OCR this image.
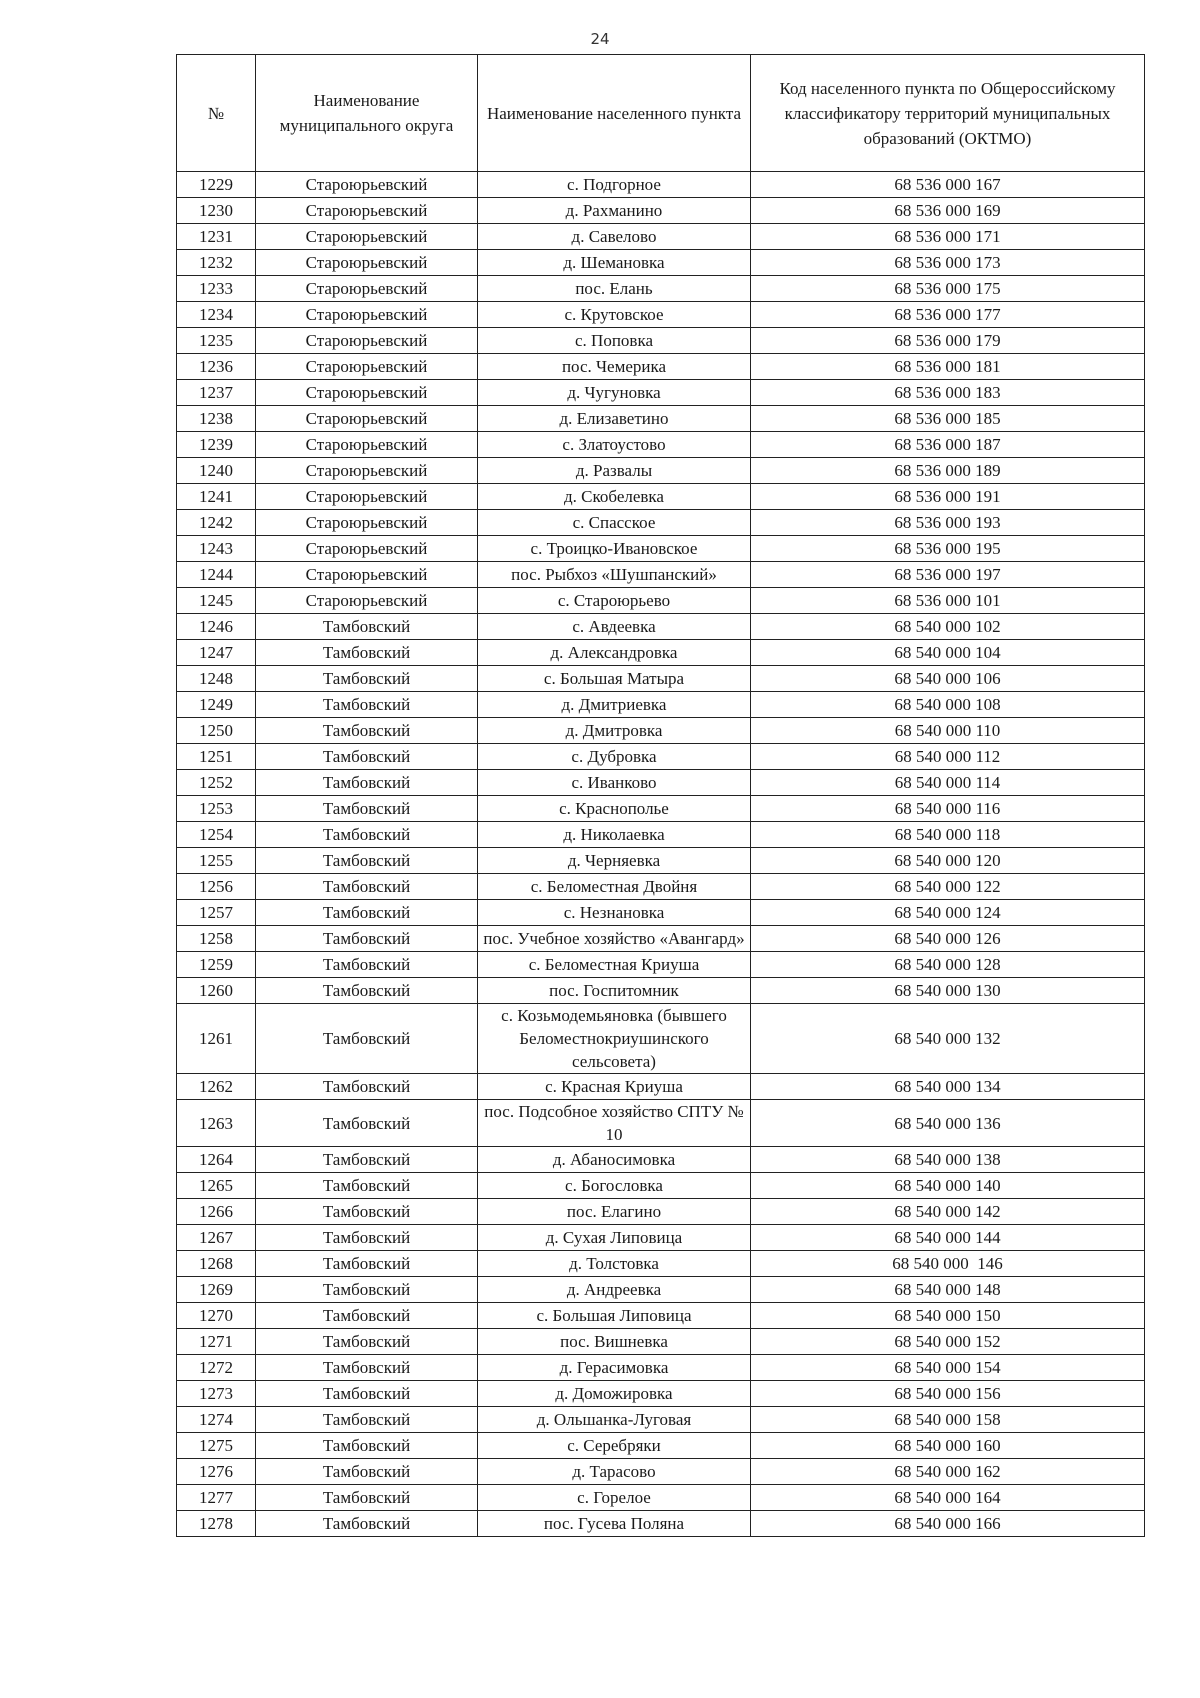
24
№	Наименование муниципального округа	Наименование населенного пункта	Код населенного пункта по Общероссийскому классификатору территорий муниципальных образований (ОКТМО)
1229	Староюрьевский	с. Подгорное	68 536 000 167
1230	Староюрьевский	д. Рахманино	68 536 000 169
1231	Староюрьевский	д. Савелово	68 536 000 171
1232	Староюрьевский	д. Шемановка	68 536 000 173
1233	Староюрьевский	пос. Елань	68 536 000 175
1234	Староюрьевский	с. Крутовское	68 536 000 177
1235	Староюрьевский	с. Поповка	68 536 000 179
1236	Староюрьевский	пос. Чемерика	68 536 000 181
1237	Староюрьевский	д. Чугуновка	68 536 000 183
1238	Староюрьевский	д. Елизаветино	68 536 000 185
1239	Староюрьевский	с. Златоустово	68 536 000 187
1240	Староюрьевский	д. Развалы	68 536 000 189
1241	Староюрьевский	д. Скобелевка	68 536 000 191
1242	Староюрьевский	с. Спасское	68 536 000 193
1243	Староюрьевский	с. Троицко-Ивановское	68 536 000 195
1244	Староюрьевский	пос. Рыбхоз «Шушпанский»	68 536 000 197
1245	Староюрьевский	с. Староюрьево	68 536 000 101
1246	Тамбовский	с. Авдеевка	68 540 000 102
1247	Тамбовский	д. Александровка	68 540 000 104
1248	Тамбовский	с. Большая Матыра	68 540 000 106
1249	Тамбовский	д. Дмитриевка	68 540 000 108
1250	Тамбовский	д. Дмитровка	68 540 000 110
1251	Тамбовский	с. Дубровка	68 540 000 112
1252	Тамбовский	с. Иванково	68 540 000 114
1253	Тамбовский	с. Краснополье	68 540 000 116
1254	Тамбовский	д. Николаевка	68 540 000 118
1255	Тамбовский	д. Черняевка	68 540 000 120
1256	Тамбовский	с. Беломестная Двойня	68 540 000 122
1257	Тамбовский	с. Незнановка	68 540 000 124
1258	Тамбовский	пос. Учебное хозяйство «Авангард»	68 540 000 126
1259	Тамбовский	с. Беломестная Криуша	68 540 000 128
1260	Тамбовский	пос. Госпитомник	68 540 000 130
1261	Тамбовский	с. Козьмодемьяновка (бывшего Беломестнокриушинского сельсовета)	68 540 000 132
1262	Тамбовский	с. Красная Криуша	68 540 000 134
1263	Тамбовский	пос. Подсобное хозяйство СПТУ № 10	68 540 000 136
1264	Тамбовский	д. Абаносимовка	68 540 000 138
1265	Тамбовский	с. Богословка	68 540 000 140
1266	Тамбовский	пос. Елагино	68 540 000 142
1267	Тамбовский	д. Сухая Липовица	68 540 000 144
1268	Тамбовский	д. Толстовка	68 540 000  146
1269	Тамбовский	д. Андреевка	68 540 000 148
1270	Тамбовский	с. Большая Липовица	68 540 000 150
1271	Тамбовский	пос. Вишневка	68 540 000 152
1272	Тамбовский	д. Герасимовка	68 540 000 154
1273	Тамбовский	д. Доможировка	68 540 000 156
1274	Тамбовский	д. Ольшанка-Луговая	68 540 000 158
1275	Тамбовский	с. Серебряки	68 540 000 160
1276	Тамбовский	д. Тарасово	68 540 000 162
1277	Тамбовский	с. Горелое	68 540 000 164
1278	Тамбовский	пос. Гусева Поляна	68 540 000 166
